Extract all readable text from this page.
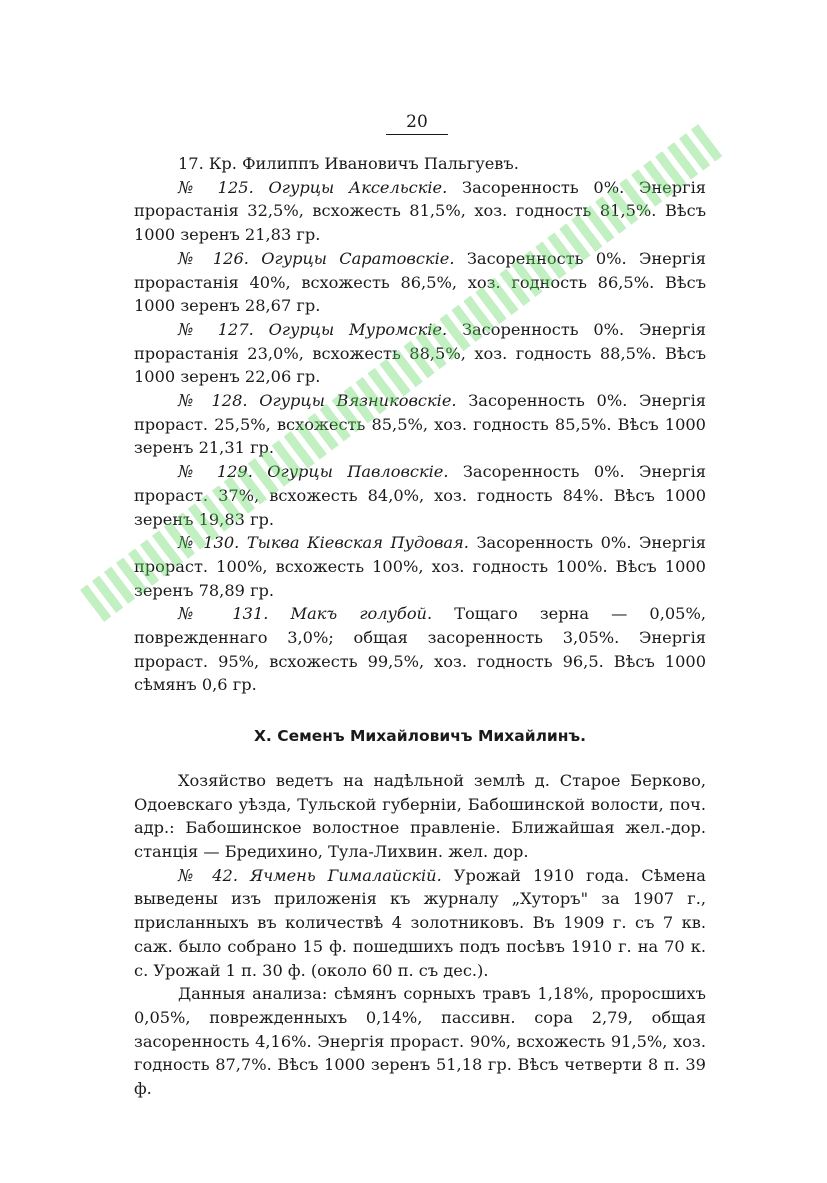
20

17. Кр. Филиппъ Ивановичъ Пальгуевъ.

№ 125. Огурцы Аксельскіе. Засоренность 0%. Энергія прорастанія 32,5%, всхожесть 81,5%, хоз. годность 81,5%. Вѣсъ 1000 зеренъ 21,83 гр.

№ 126. Огурцы Саратовскіе. Засоренность 0%. Энергія прорастанія 40%, всхожесть 86,5%, хоз. годность 86,5%. Вѣсъ 1000 зеренъ 28,67 гр.

№ 127. Огурцы Муромскіе. Засоренность 0%. Энергія прорастанія 23,0%, всхожесть 88,5%, хоз. годность 88,5%. Вѣсъ 1000 зеренъ 22,06 гр.

№ 128. Огурцы Вязниковскіе. Засоренность 0%. Энергія прораст. 25,5%, всхожесть 85,5%, хоз. годность 85,5%. Вѣсъ 1000 зеренъ 21,31 гр.

№ 129. Огурцы Павловскіе. Засоренность 0%. Энергія прораст. 37%, всхожесть 84,0%, хоз. годность 84%. Вѣсъ 1000 зеренъ 19,83 гр.

№ 130. Тыква Кіевская Пудовая. Засоренность 0%. Энергія прораст. 100%, всхожесть 100%, хоз. годность 100%. Вѣсъ 1000 зеренъ 78,89 гр.

№ 131. Макъ голубой. Тощаго зерна — 0,05%, поврежденнаго 3,0%; общая засоренность 3,05%. Энергія прораст. 95%, всхожесть 99,5%, хоз. годность 96,5. Вѣсъ 1000 сѣмянъ 0,6 гр.

X. Семенъ Михайловичъ Михайлинъ.

Хозяйство ведетъ на надѣльной землѣ д. Старое Берково, Одоевскаго уѣзда, Тульской губерніи, Бабошинской волости, поч. адр.: Бабошинское волостное правленіе. Ближайшая жел.-дор. станція — Бредихино, Тула-Лихвин. жел. дор.

№ 42. Ячмень Гималайскій. Урожай 1910 года. Сѣмена выведены изъ приложенія къ журналу „Хуторъ" за 1907 г., присланныхъ въ количествѣ 4 золотниковъ. Въ 1909 г. съ 7 кв. саж. было собрано 15 ф. пошедшихъ подъ посѣвъ 1910 г. на 70 к. с. Урожай 1 п. 30 ф. (около 60 п. съ дес.).

Данныя анализа: сѣмянъ сорныхъ травъ 1,18%, проросшихъ 0,05%, поврежденныхъ 0,14%, пассивн. сора 2,79, общая засоренность 4,16%. Энергія прораст. 90%, всхожесть 91,5%, хоз. годность 87,7%. Вѣсъ 1000 зеренъ 51,18 гр. Вѣсъ четверти 8 п. 39 ф.
